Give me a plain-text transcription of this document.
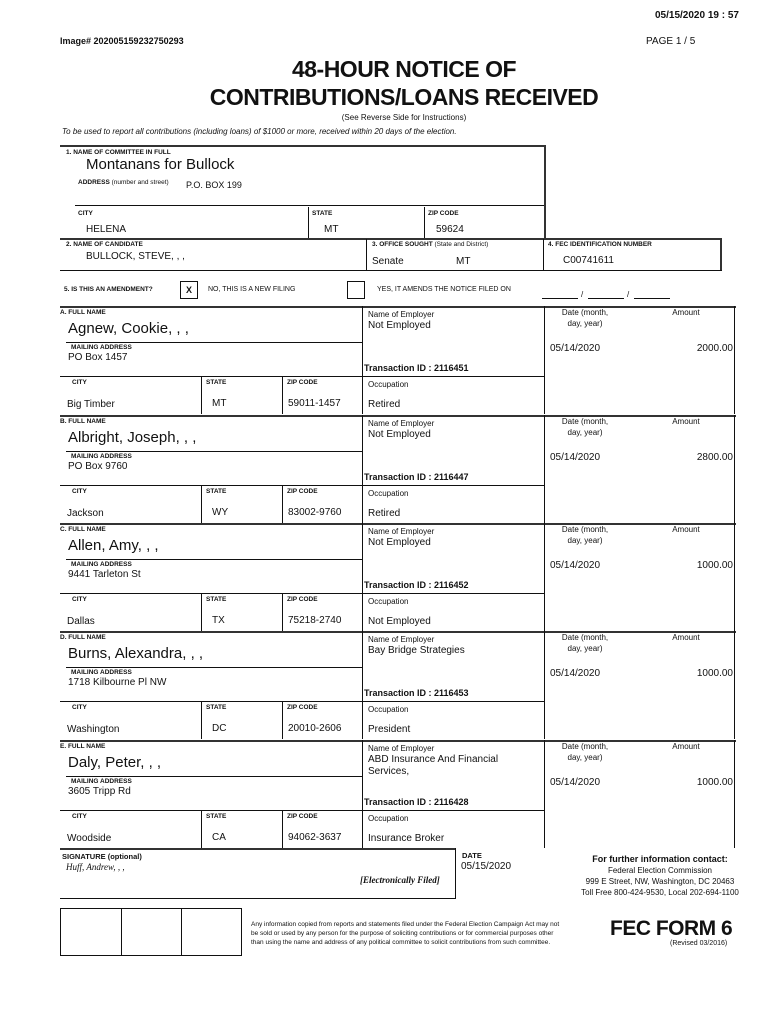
05/15/2020 19 : 57
Image# 202005159232750293	PAGE 1 / 5
48-HOUR NOTICE OF
CONTRIBUTIONS/LOANS RECEIVED
(See Reverse Side for Instructions)
To be used to report all contributions (including loans) of $1000 or more, received within 20 days of the election.
1. NAME OF COMMITTEE IN FULL
Montanans for Bullock
ADDRESS (number and street) P.O. BOX 199
CITY	STATE	ZIP CODE
HELENA	MT	59624
2. NAME OF CANDIDATE
BULLOCK, STEVE, , ,
3. OFFICE SOUGHT (State and District)
Senate	MT
4. FEC IDENTIFICATION NUMBER
C00741611
5. IS THIS AN AMENDMENT?	X	NO, THIS IS A NEW FILING	YES, IT AMENDS THE NOTICE FILED ON
/	/
A. FULL NAME
Agnew, Cookie, , ,
MAILING ADDRESS
PO Box 1457
CITY	STATE	ZIP CODE
Big Timber	MT	59011-1457
Name of Employer
Not Employed
Transaction ID : 2116451
Occupation
Retired
Date (month,
day, year)
Amount
05/14/2020	2000.00
B. FULL NAME
Albright, Joseph, , ,
MAILING ADDRESS
PO Box 9760
CITY	STATE	ZIP CODE
Jackson	WY	83002-9760
Name of Employer
Not Employed
Transaction ID : 2116447
Occupation
Retired
Date (month,
day, year)
Amount
05/14/2020	2800.00
C. FULL NAME
Allen, Amy, , ,
MAILING ADDRESS
9441 Tarleton St
CITY	STATE	ZIP CODE
Dallas	TX	75218-2740
Name of Employer
Not Employed
Transaction ID : 2116452
Occupation
Not Employed
Date (month,
day, year)
Amount
05/14/2020	1000.00
D. FULL NAME
Burns, Alexandra, , ,
MAILING ADDRESS
1718 Kilbourne Pl NW
CITY	STATE	ZIP CODE
Washington	DC	20010-2606
Name of Employer
Bay Bridge Strategies
Transaction ID : 2116453
Occupation
President
Date (month,
day, year)
Amount
05/14/2020	1000.00
E. FULL NAME
Daly, Peter, , ,
MAILING ADDRESS
3605 Tripp Rd
CITY	STATE	ZIP CODE
Woodside	CA	94062-3637
Name of Employer
ABD Insurance And Financial
Services,
Transaction ID : 2116428
Occupation
Insurance Broker
Date (month,
day, year)
Amount
05/14/2020	1000.00
SIGNATURE (optional)
Huff, Andrew, , ,
[Electronically Filed]
DATE
05/15/2020
For further information contact:
Federal Election Commission
999 E Street, NW, Washington, DC 20463
Toll Free 800-424-9530, Local 202-694-1100
Any information copied from reports and statements filed under the Federal Election Campaign Act may not
be sold or used by any person for the purpose of soliciting contributions or for commercial purposes other
than using the name and address of any political committee to solicit contributions from such committee.
FEC FORM 6
(Revised 03/2016)
